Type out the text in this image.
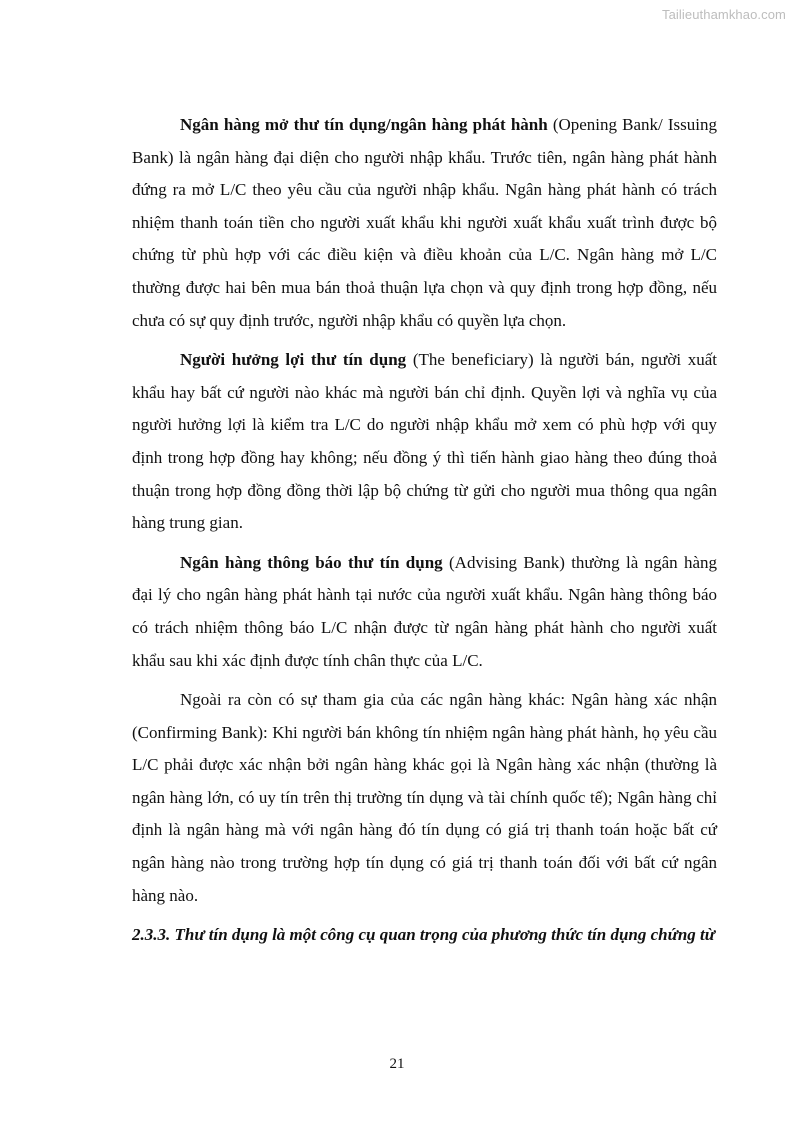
Tailieuthamkhao.com

Ngân hàng mở thư tín dụng/ngân hàng phát hành (Opening Bank/ Issuing Bank) là ngân hàng đại diện cho người nhập khẩu. Trước tiên, ngân hàng phát hành đứng ra mở L/C theo yêu cầu của người nhập khẩu. Ngân hàng phát hành có trách nhiệm thanh toán tiền cho người xuất khẩu khi người xuất khẩu xuất trình được bộ chứng từ phù hợp với các điều kiện và điều khoản của L/C. Ngân hàng mở L/C thường được hai bên mua bán thoả thuận lựa chọn và quy định trong hợp đồng, nếu chưa có sự quy định trước, người nhập khẩu có quyền lựa chọn.

Người hưởng lợi thư tín dụng (The beneficiary) là người bán, người xuất khẩu hay bất cứ người nào khác mà người bán chỉ định. Quyền lợi và nghĩa vụ của người hưởng lợi là kiểm tra L/C do người nhập khẩu mở xem có phù hợp với quy định trong hợp đồng hay không; nếu đồng ý thì tiến hành giao hàng theo đúng thoả thuận trong hợp đồng đồng thời lập bộ chứng từ gửi cho người mua thông qua ngân hàng trung gian.

Ngân hàng thông báo thư tín dụng (Advising Bank) thường là ngân hàng đại lý cho ngân hàng phát hành tại nước của người xuất khẩu. Ngân hàng thông báo có trách nhiệm thông báo L/C nhận được từ ngân hàng phát hành cho người xuất khẩu sau khi xác định được tính chân thực của L/C.

Ngoài ra còn có sự tham gia của các ngân hàng khác: Ngân hàng xác nhận (Confirming Bank): Khi người bán không tín nhiệm ngân hàng phát hành, họ yêu cầu L/C phải được xác nhận bởi ngân hàng khác gọi là Ngân hàng xác nhận (thường là ngân hàng lớn, có uy tín trên thị trường tín dụng và tài chính quốc tế); Ngân hàng chỉ định là ngân hàng mà với ngân hàng đó tín dụng có giá trị thanh toán hoặc bất cứ ngân hàng nào trong trường hợp tín dụng có giá trị thanh toán đối với bất cứ ngân hàng nào.

2.3.3. Thư tín dụng là một công cụ quan trọng của phương thức tín dụng chứng từ

21
